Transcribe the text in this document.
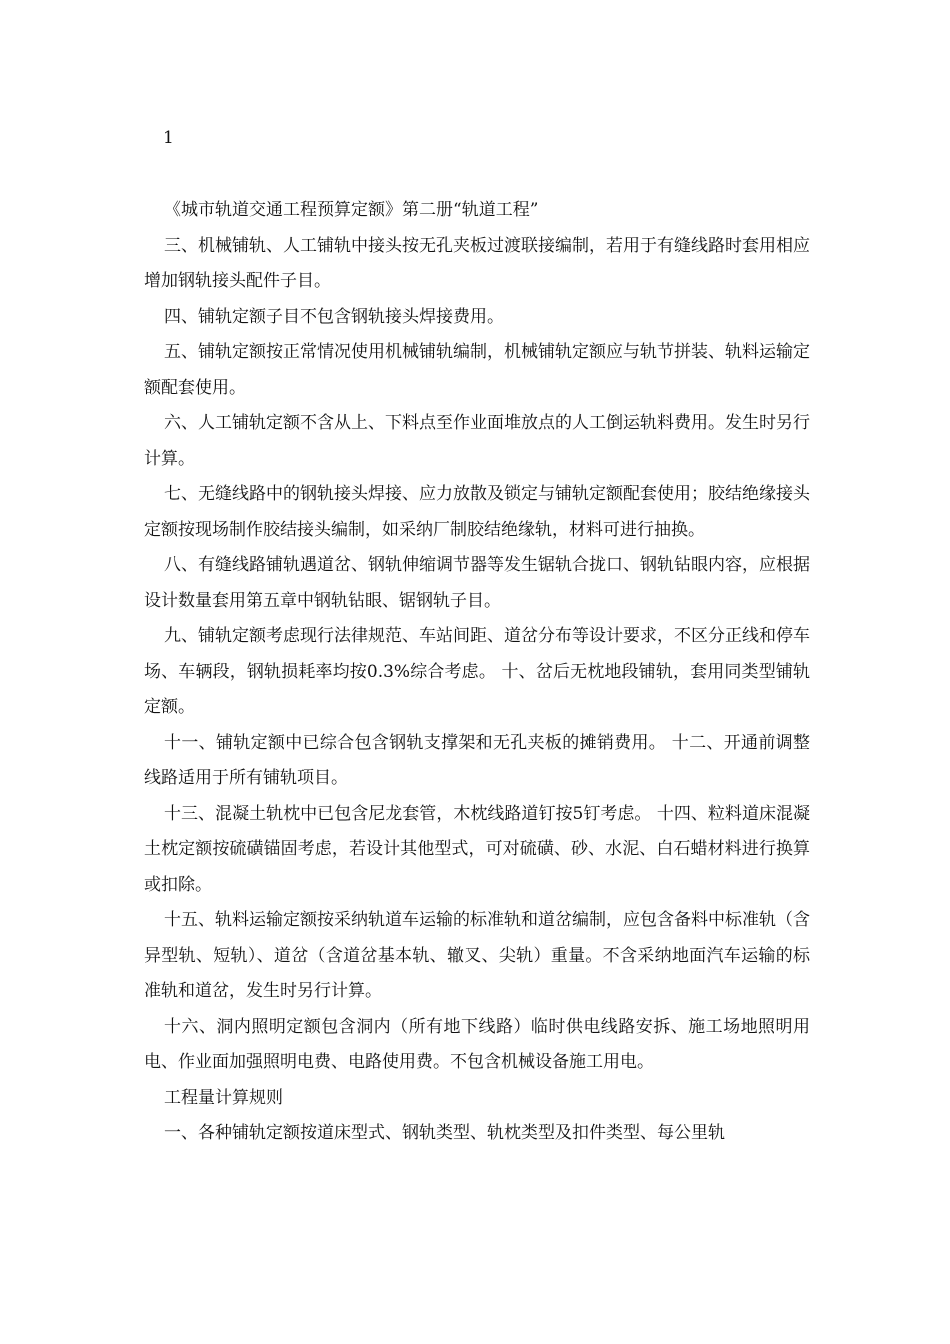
1

《城市轨道交通工程预算定额》第二册“轨道工程”

三、机械铺轨、人工铺轨中接头按无孔夹板过渡联接编制，若用于有缝线路时套用相应增加钢轨接头配件子目。

四、铺轨定额子目不包含钢轨接头焊接费用。

五、铺轨定额按正常情况使用机械铺轨编制，机械铺轨定额应与轨节拼装、轨料运输定额配套使用。

六、人工铺轨定额不含从上、下料点至作业面堆放点的人工倒运轨料费用。发生时另行计算。

七、无缝线路中的钢轨接头焊接、应力放散及锁定与铺轨定额配套使用；胶结绝缘接头定额按现场制作胶结接头编制，如采纳厂制胶结绝缘轨，材料可进行抽换。

八、有缝线路铺轨遇道岔、钢轨伸缩调节器等发生锯轨合拢口、钢轨钻眼内容，应根据设计数量套用第五章中钢轨钻眼、锯钢轨子目。

九、铺轨定额考虑现行法律规范、车站间距、道岔分布等设计要求，不区分正线和停车场、车辆段，钢轨损耗率均按0.3%综合考虑。 十、岔后无枕地段铺轨，套用同类型铺轨定额。

十一、铺轨定额中已综合包含钢轨支撑架和无孔夹板的摊销费用。 十二、开通前调整线路适用于所有铺轨项目。

十三、混凝土轨枕中已包含尼龙套管，木枕线路道钉按5钉考虑。 十四、粒料道床混凝土枕定额按硫磺锚固考虑，若设计其他型式，可对硫磺、砂、水泥、白石蜡材料进行换算或扣除。

十五、轨料运输定额按采纳轨道车运输的标准轨和道岔编制，应包含备料中标准轨（含异型轨、短轨）、道岔（含道岔基本轨、辙叉、尖轨）重量。不含采纳地面汽车运输的标准轨和道岔，发生时另行计算。

十六、洞内照明定额包含洞内（所有地下线路）临时供电线路安拆、施工场地照明用电、作业面加强照明电费、电路使用费。不包含机械设备施工用电。

工程量计算规则

一、各种铺轨定额按道床型式、钢轨类型、轨枕类型及扣件类型、每公里轨
